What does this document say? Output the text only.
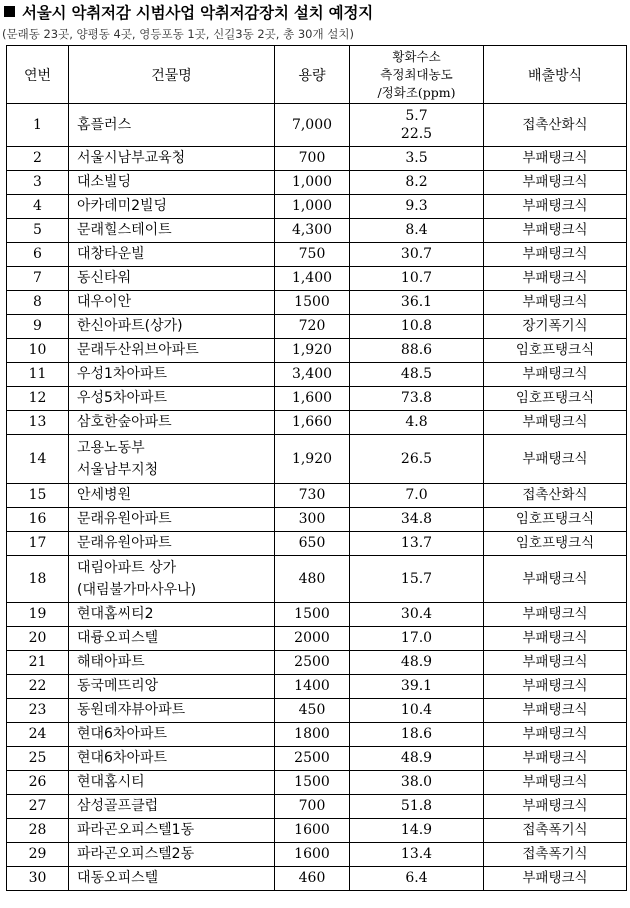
서울시 악취저감 시범사업 악취저감장치 설치 예정지
(문래동 23곳, 양평동 4곳, 영등포동 1곳, 신길3동 2곳, 총 30개 설치)
연번	건물명	용량	황화수소
측정최대농도
/정화조(ppm)	배출방식
1	홈플러스	7,000	5.7
22.5	접촉산화식
2	서울시남부교육청	700	3.5	부패탱크식
3	대소빌딩	1,000	8.2	부패탱크식
4	아카데미2빌딩	1,000	9.3	부패탱크식
5	문래힐스테이트	4,300	8.4	부패탱크식
6	대창타운빌	750	30.7	부패탱크식
7	동신타워	1,400	10.7	부패탱크식
8	대우이안	1500	36.1	부패탱크식
9	한신아파트(상가)	720	10.8	장기폭기식
10	문래두산위브아파트	1,920	88.6	임호프탱크식
11	우성1차아파트	3,400	48.5	부패탱크식
12	우성5차아파트	1,600	73.8	임호프탱크식
13	삼호한숲아파트	1,660	4.8	부패탱크식
14	고용노동부
서울남부지청	1,920	26.5	부패탱크식
15	안세병원	730	7.0	접촉산화식
16	문래유원아파트	300	34.8	임호프탱크식
17	문래유원아파트	650	13.7	임호프탱크식
18	대림아파트 상가
(대림불가마사우나)	480	15.7	부패탱크식
19	현대홈씨티2	1500	30.4	부패탱크식
20	대륭오피스텔	2000	17.0	부패탱크식
21	해태아파트	2500	48.9	부패탱크식
22	동국메뜨리앙	1400	39.1	부패탱크식
23	동원데쟈뷰아파트	450	10.4	부패탱크식
24	현대6차아파트	1800	18.6	부패탱크식
25	현대6차아파트	2500	48.9	부패탱크식
26	현대홈시티	1500	38.0	부패탱크식
27	삼성골프클럽	700	51.8	부패탱크식
28	파라곤오피스텔1동	1600	14.9	접촉폭기식
29	파라곤오피스텔2동	1600	13.4	접촉폭기식
30	대동오피스텔	460	6.4	부패탱크식
